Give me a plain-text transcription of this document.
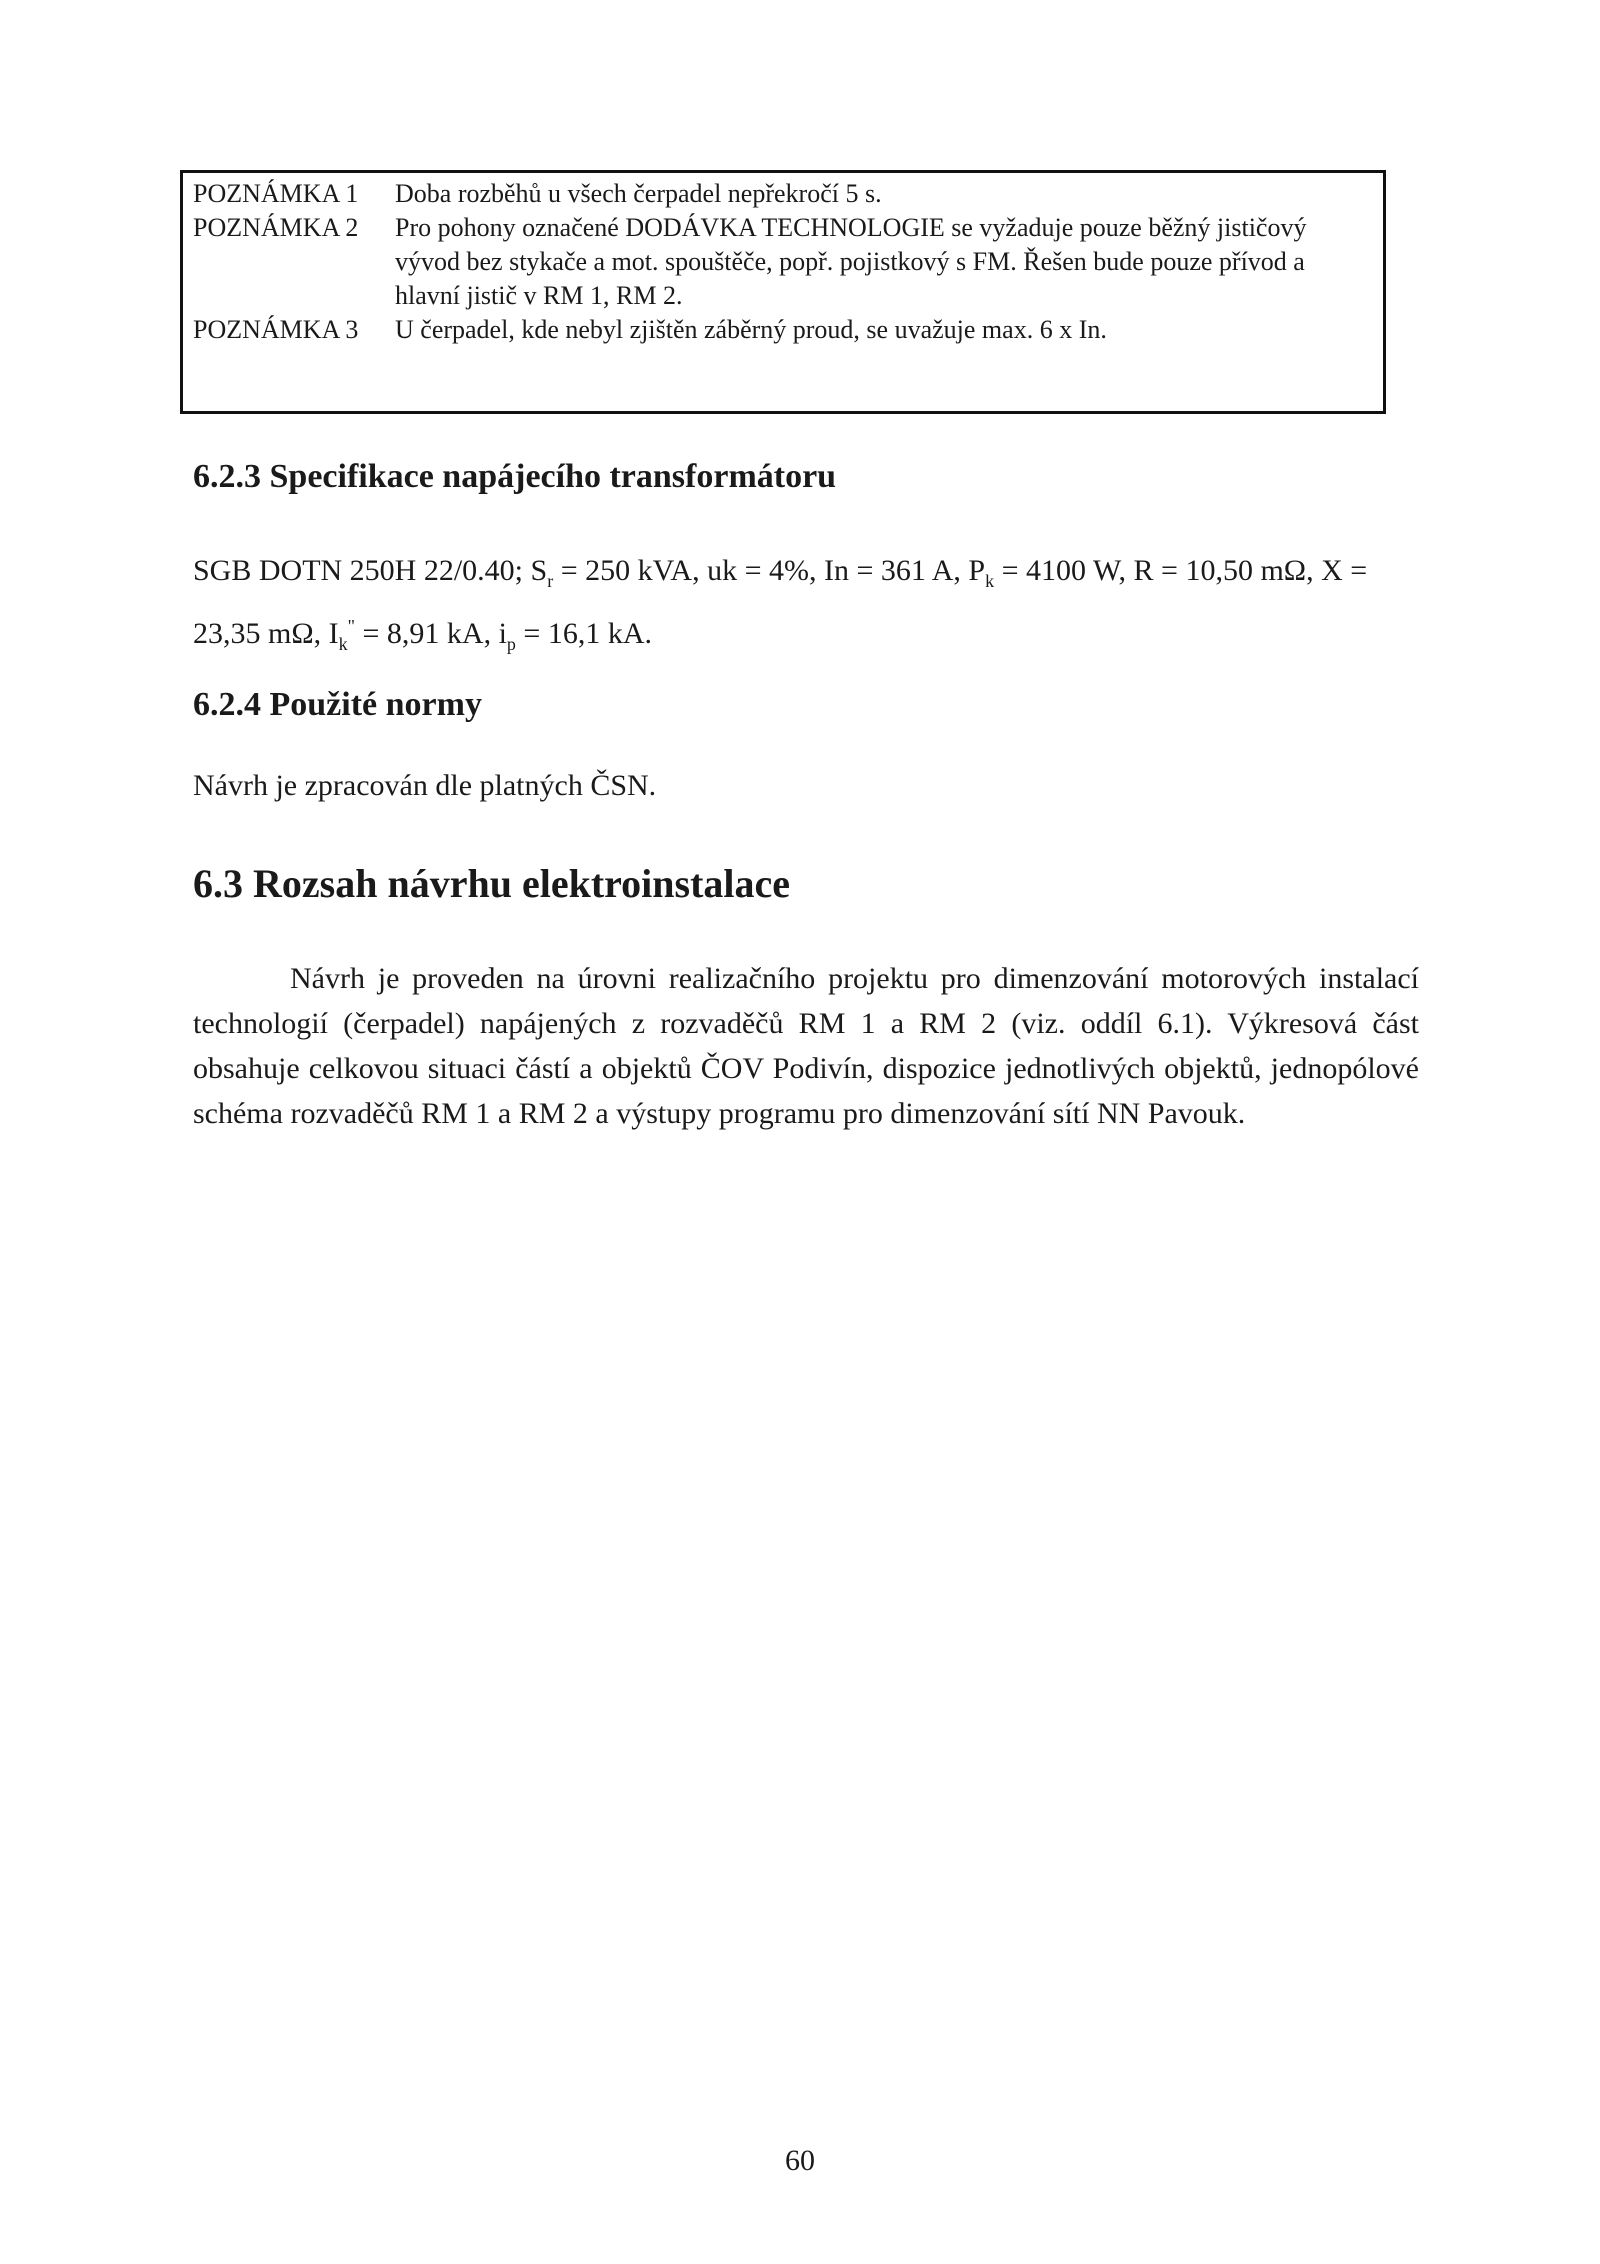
POZNÁMKA 1	Doba rozběhů u všech čerpadel nepřekročí 5 s.
POZNÁMKA 2	Pro pohony označené DODÁVKA TECHNOLOGIE se vyžaduje pouze běžný jističový vývod bez stykače a mot. spouštěče, popř. pojistkový s FM. Řešen bude pouze přívod a hlavní jistič v RM 1, RM 2.
POZNÁMKA 3	U čerpadel, kde nebyl zjištěn záběrný proud, se uvažuje max. 6 x In.
6.2.3 Specifikace napájecího transformátoru

SGB DOTN 250H 22/0.40; $S_r = 250$ kVA, uk = 4%, In = 361 A, $P_k = 4100$ W, R = 10,50 mΩ, X = 23,35 mΩ, $I_k^" = 8,91$ kA, $i_p = 16,1$ kA.

6.2.4 Použité normy

Návrh je zpracován dle platných ČSN.

6.3 Rozsah návrhu elektroinstalace

Návrh je proveden na úrovni realizačního projektu pro dimenzování motorových instalací technologií (čerpadel) napájených z rozvaděčů RM 1 a RM 2 (viz. oddíl 6.1). Výkresová část obsahuje celkovou situaci částí a objektů ČOV Podivín, dispozice jednotlivých objektů, jednopólové schéma rozvaděčů RM 1 a RM 2 a výstupy programu pro dimenzování sítí NN Pavouk.

60
